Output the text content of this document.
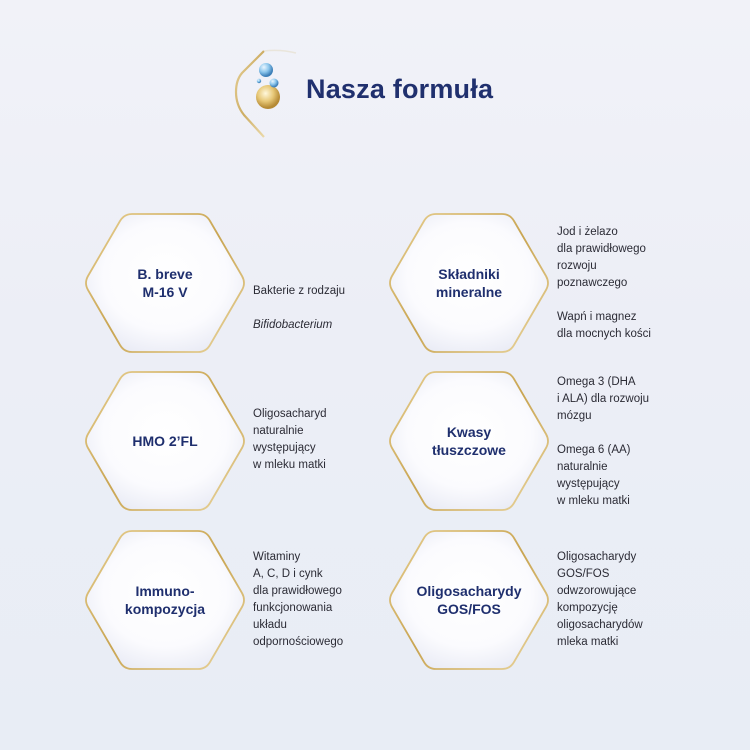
Nasza formuła
B. breve
M-16 V	Bakterie z rodzaju

Bifidobacterium

Składniki
mineralne
Jod i żelazo
dla prawidłowego
rozwoju
poznawczego

Wapń i magnez
dla mocnych kości
HMO 2’FL
Oligosacharyd
naturalnie
występujący
w mleku matki
Kwasy
tłuszczowe
Omega 3 (DHA
i ALA) dla rozwoju
mózgu

Omega 6 (AA)
naturalnie
występujący
w mleku matki
Immuno-
kompozycja
Witaminy
A, C, D i cynk
dla prawidłowego
funkcjonowania
układu
odpornościowego
Oligosacharydy
GOS/FOS
Oligosacharydy
GOS/FOS
odwzorowujące
kompozycję
oligosacharydów
mleka matki
